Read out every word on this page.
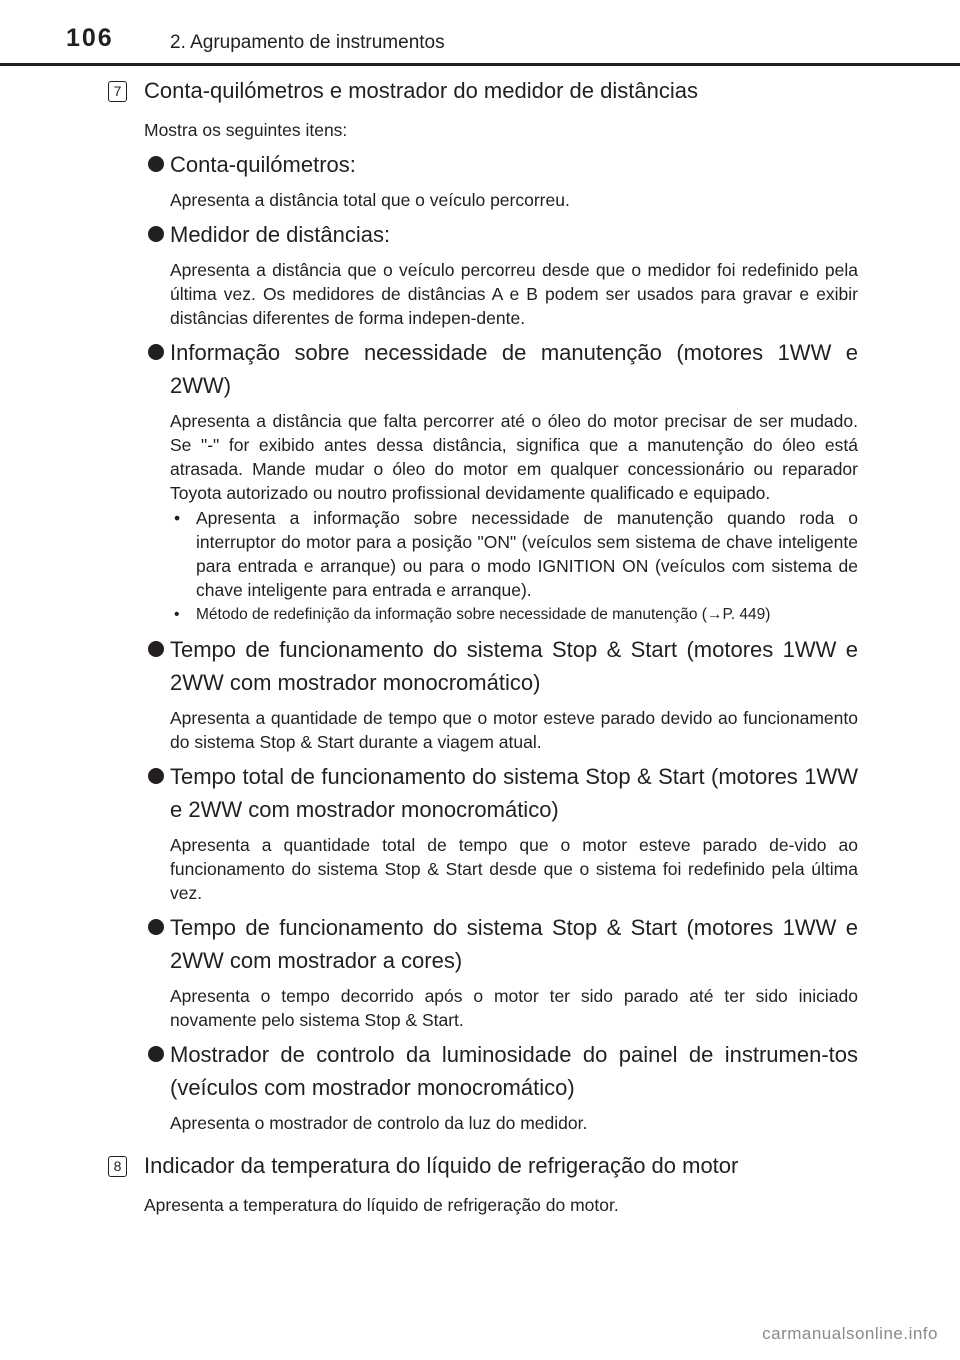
106	2. Agrupamento de instrumentos
7 Conta-quilómetros e mostrador do medidor de distâncias
Mostra os seguintes itens:
Conta-quilómetros:
Apresenta a distância total que o veículo percorreu.
Medidor de distâncias:
Apresenta a distância que o veículo percorreu desde que o medidor foi redefinido pela última vez. Os medidores de distâncias A e B podem ser usados para gravar e exibir distâncias diferentes de forma indepen-dente.
Informação sobre necessidade de manutenção (motores 1WW e 2WW)
Apresenta a distância que falta percorrer até o óleo do motor precisar de ser mudado. Se "-" for exibido antes dessa distância, significa que a manutenção do óleo está atrasada. Mande mudar o óleo do motor em qualquer concessionário ou reparador Toyota autorizado ou noutro profissional devidamente qualificado e equipado.
• Apresenta a informação sobre necessidade de manutenção quando roda o interruptor do motor para a posição "ON" (veículos sem sistema de chave inteligente para entrada e arranque) ou para o modo IGNITION ON (veículos com sistema de chave inteligente para entrada e arranque).
• Método de redefinição da informação sobre necessidade de manutenção (→P. 449)
Tempo de funcionamento do sistema Stop & Start (motores 1WW e 2WW com mostrador monocromático)
Apresenta a quantidade de tempo que o motor esteve parado devido ao funcionamento do sistema Stop & Start durante a viagem atual.
Tempo total de funcionamento do sistema Stop & Start (motores 1WW e 2WW com mostrador monocromático)
Apresenta a quantidade total de tempo que o motor esteve parado de-vido ao funcionamento do sistema Stop & Start desde que o sistema foi redefinido pela última vez.
Tempo de funcionamento do sistema Stop & Start (motores 1WW e 2WW com mostrador a cores)
Apresenta o tempo decorrido após o motor ter sido parado até ter sido iniciado novamente pelo sistema Stop & Start.
Mostrador de controlo da luminosidade do painel de instrumen-tos (veículos com mostrador monocromático)
Apresenta o mostrador de controlo da luz do medidor.
8 Indicador da temperatura do líquido de refrigeração do motor
Apresenta a temperatura do líquido de refrigeração do motor.
carmanualsonline.info
